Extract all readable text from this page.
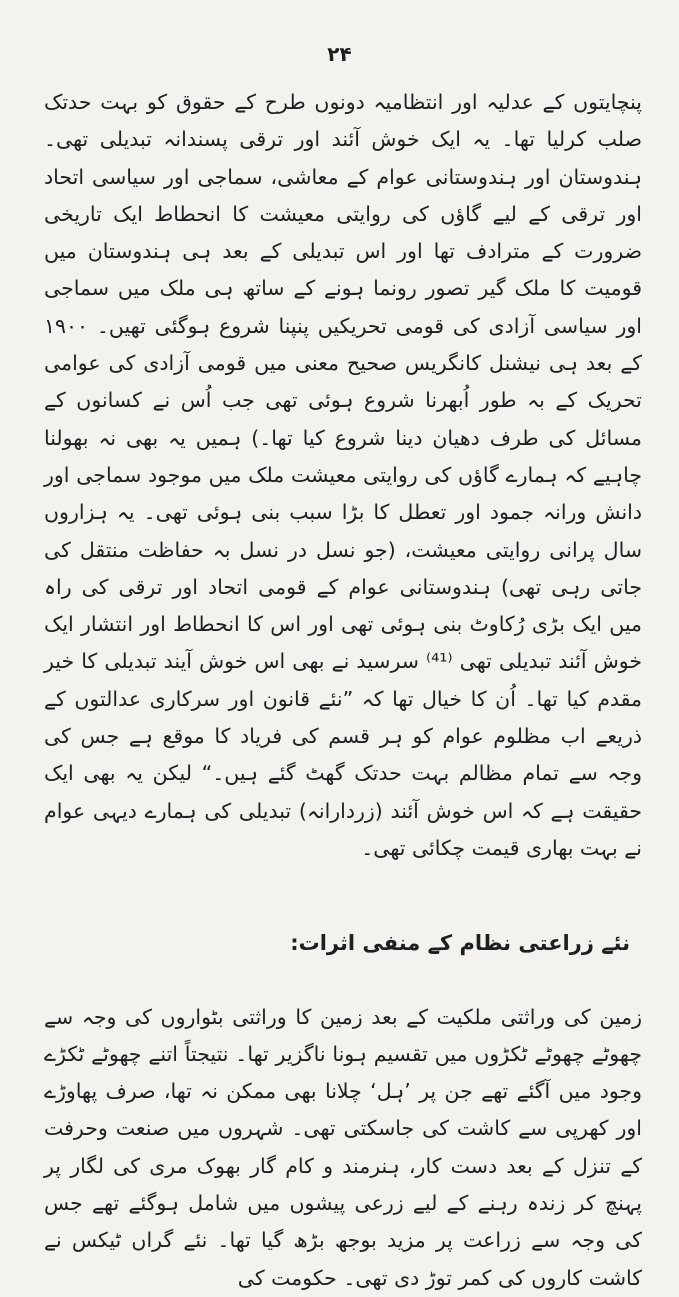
۲۴

پنچایتوں کے عدلیہ اور انتظامیہ دونوں طرح کے حقوق کو بہت حدتک صلب کرلیا تھا۔ یہ ایک خوش آئند اور ترقی پسندانہ تبدیلی تھی۔ ہندوستان اور ہندوستانی عوام کے معاشی، سماجی اور سیاسی اتحاد اور ترقی کے لیے گاؤں کی روایتی معیشت کا انحطاط ایک تاریخی ضرورت کے مترادف تھا اور اس تبدیلی کے بعد ہی ہندوستان میں قومیت کا ملک گیر تصور رونما ہونے کے ساتھ ہی ملک میں سماجی اور سیاسی آزادی کی قومی تحریکیں پنپنا شروع ہوگئی تھیں۔ ۱۹۰۰ کے بعد ہی نیشنل کانگریس صحیح معنی میں قومی آزادی کی عوامی تحریک کے بہ طور اُبھرنا شروع ہوئی تھی جب اُس نے کسانوں کے مسائل کی طرف دھیان دینا شروع کیا تھا۔) ہمیں یہ بھی نہ بھولنا چاہیے کہ ہمارے گاؤں کی روایتی معیشت ملک میں موجود سماجی اور دانش ورانہ جمود اور تعطل کا بڑا سبب بنی ہوئی تھی۔ یہ ہزاروں سال پرانی روایتی معیشت، (جو نسل در نسل بہ حفاظت منتقل کی جاتی رہی تھی) ہندوستانی عوام کے قومی اتحاد اور ترقی کی راہ میں ایک بڑی رُکاوٹ بنی ہوئی تھی اور اس کا انحطاط اور انتشار ایک خوش آئند تبدیلی تھی ⁽⁴¹⁾ سرسید نے بھی اس خوش آیند تبدیلی کا خیر مقدم کیا تھا۔ اُن کا خیال تھا کہ ”نئے قانون اور سرکاری عدالتوں کے ذریعے اب مظلوم عوام کو ہر قسم کی فریاد کا موقع ہے جس کی وجہ سے تمام مظالم بہت حدتک گھٹ گئے ہیں۔“ لیکن یہ بھی ایک حقیقت ہے کہ اس خوش آئند (زردارانہ) تبدیلی کی ہمارے دیہی عوام نے بہت بھاری قیمت چکائی تھی۔

نئے زراعتی نظام کے منفی اثرات:

زمین کی وراثتی ملکیت کے بعد زمین کا وراثتی بٹواروں کی وجہ سے چھوٹے چھوٹے ٹکڑوں میں تقسیم ہونا ناگزیر تھا۔ نتیجتاً اتنے چھوٹے ٹکڑے وجود میں آگئے تھے جن پر ’ہل‘ چلانا بھی ممکن نہ تھا، صرف پھاوڑے اور کھرپی سے کاشت کی جاسکتی تھی۔ شہروں میں صنعت وحرفت کے تنزل کے بعد دست کار، ہنرمند و کام گار بھوک مری کی لگار پر پہنچ کر زندہ رہنے کے لیے زرعی پیشوں میں شامل ہوگئے تھے جس کی وجہ سے زراعت پر مزید بوجھ بڑھ گیا تھا۔ نئے گراں ٹیکس نے کاشت کاروں کی کمر توڑ دی تھی۔ حکومت کی
